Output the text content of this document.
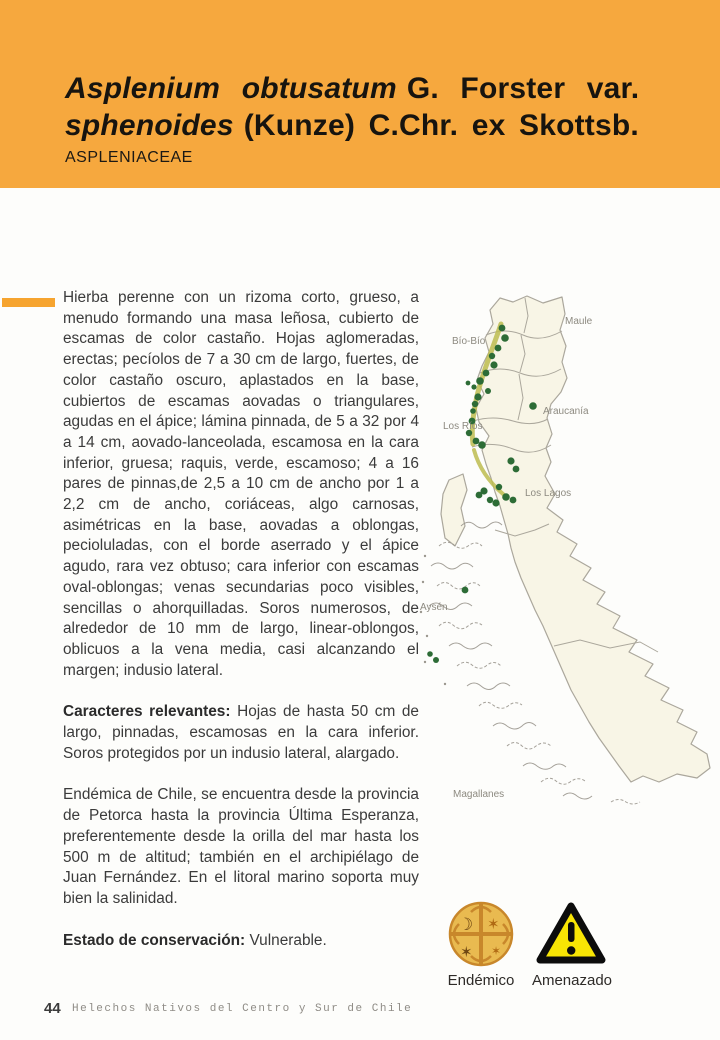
Asplenium obtusatum G. Forster var.
sphenoides (Kunze) C.Chr. ex Skottsb.
ASPLENIACEAE

Hierba perenne con un rizoma corto, grueso, a menudo formando una masa leñosa, cubierto de escamas de color castaño. Hojas aglomeradas, erectas; pecíolos de 7 a 30 cm de largo, fuertes, de color castaño oscuro, aplastados en la base, cubiertos de escamas aovadas o triangulares, agudas en el ápice; lámina pinnada, de 5 a 32 por 4 a 14 cm, aovado-lanceolada, escamosa en la cara inferior, gruesa; raquis, verde, escamoso; 4 a 16 pares de pinnas,de 2,5 a 10 cm de ancho por 1 a 2,2 cm de ancho, coriáceas, algo carnosas, asimétricas en la base, aovadas a oblongas, pecioluladas, con el borde aserrado y el ápice agudo, rara vez obtuso; cara inferior con escamas oval-oblongas; venas secundarias poco visibles, sencillas o ahorquilladas. Soros numerosos, de alrededor de 10 mm de largo, linear-oblongos, oblicuos a la vena media, casi alcanzando el margen; indusio lateral.

Caracteres relevantes: Hojas de hasta 50 cm de largo, pinnadas, escamosas en la cara inferior. Soros protegidos por un indusio lateral, alargado.

Endémica de Chile, se encuentra desde la provincia de Petorca hasta la provincia Última Esperanza, preferentemente desde la orilla del mar hasta los 500 m de altitud; también en el archipiélago de Juan Fernández. En el litoral marino soporta muy bien la salinidad.

Estado de conservación: Vulnerable.

Maule
Bío-Bío
Araucanía
Los Ríos
Los Lagos
Aysén
Magallanes
☽ ✶
✶ ✶
Endémico	Amenazado
44 Helechos Nativos del Centro y Sur de Chile
